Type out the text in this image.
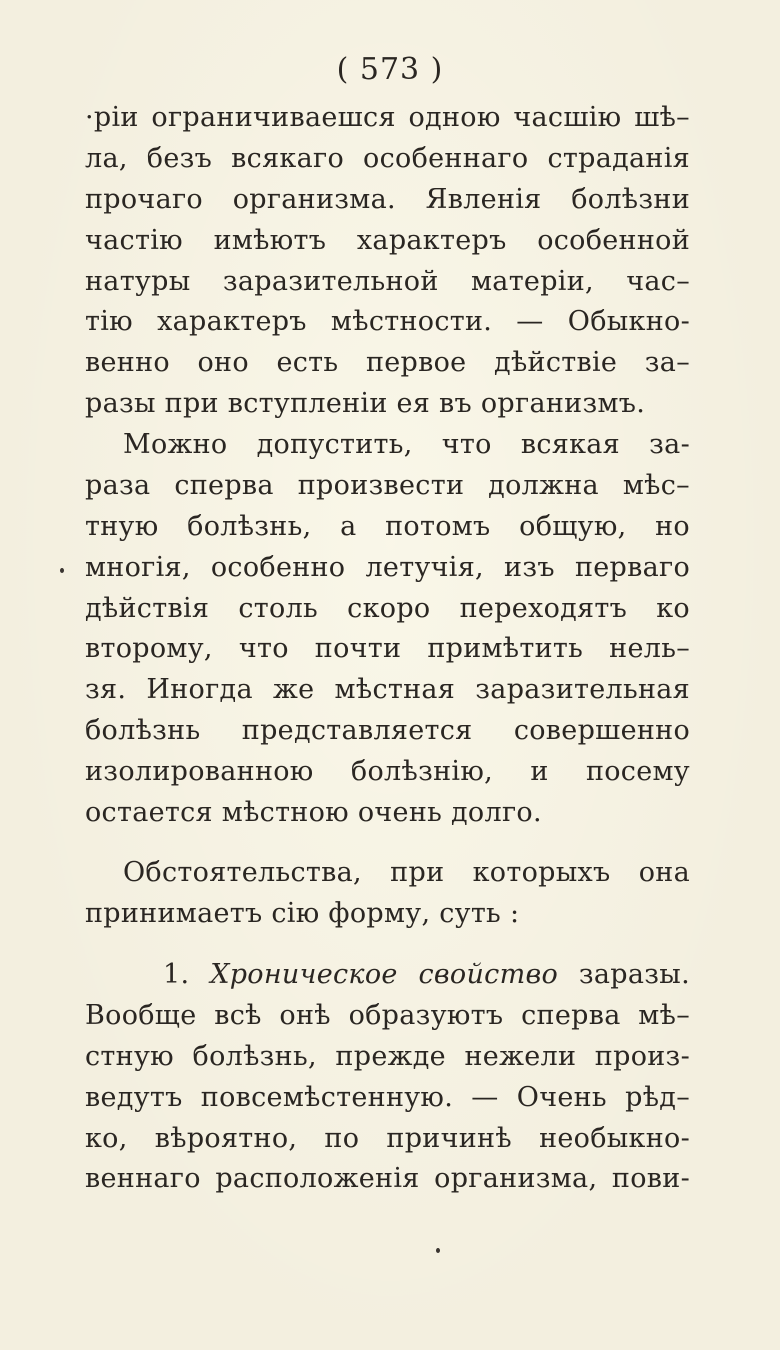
( 573 )
·ріи ограничиваешся одною часшію шѣ–
ла, безъ всякаго особеннаго страданія
прочаго организма. Явленія болѣзни
частію имѣютъ характеръ особенной
натуры заразительной матеріи, час–
тію характеръ мѣстности. — Обыкно-
венно оно есть первое дѣйствіе за–
разы при вступленіи ея въ организмъ.
Можно допустить, что всякая за-
раза сперва произвести должна мѣс–
тную болѣзнь, а потомъ общую, но
многія, особенно летучія, изъ перваго
дѣйствія столь скоро переходятъ ко
второму, что почти примѣтить нель–
зя. Иногда же мѣстная заразительная
болѣзнь представляется совершенно
изолированною болѣзнію, и посему
остается мѣстною очень долго.
Обстоятельства, при которыхъ она
принимаетъ сію форму, суть :
1. Хроническое свойство заразы.
Вообще всѣ онѣ образуютъ сперва мѣ–
стную болѣзнь, прежде нежели произ-
ведутъ повсемѣстенную. — Очень рѣд–
ко, вѣроятно, по причинѣ необыкно-
веннаго расположенія организма, пови-
